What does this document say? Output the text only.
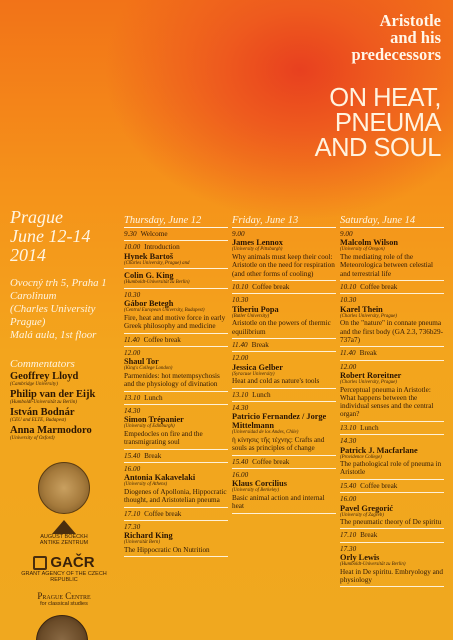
Aristotle
and his
predecessors
ON HEAT,
PNEUMA
AND SOUL
Prague
June 12-14
2014
Ovocný trh 5, Praha 1
Carolinum
(Charles University
Prague)
Malá aula, 1st floor
Commentators
Geoffrey Lloyd
(Cambridge University)
Philip van der Eijk
(Humboldt-Universität zu Berlin)
István Bodnár
(CEU and ELTE, Budapest)
Anna Marmodoro
(University of Oxford)
AUGUST BOECKH
ANTIKE ZENTRUM
GAČR
GRANT AGENCY OF THE CZECH REPUBLIC
Prague Centre
for classical studies
Thursday, June 12
9.30 Welcome
10.00 Introduction
Hynek Bartoš
(Charles University, Prague) and
Colin G. King
(Humboldt-Universität zu Berlin)
10.30
Gábor Betegh
(Central European University, Budapest)
Fire, heat and motive force in early Greek philosophy and medicine
11.40 Coffee break
12.00
Shaul Tor
(King's College London)
Parmenides: hot metempsychosis and the physiology of divination
13.10 Lunch
14.30
Simon Trépanier
(University of Edinburgh)
Empedocles on fire and the transmigrating soul
15.40 Break
16.00
Antonia Kakavelaki
(University of Athens)
Diogenes of Apollonia, Hippocratic thought, and Aristotelian pneuma
17.10 Coffee break
17.30
Richard King
(Universität Bern)
The Hippocratic On Nutrition
Friday, June 13
9.00
James Lennox
(University of Pittsburgh)
Why animals must keep their cool: Aristotle on the need for respiration (and other forms of cooling)
10.10 Coffee break
10.30
Tiberiu Popa
(Butler University)
Aristotle on the powers of thermic equilibrium
11.40 Break
12.00
Jessica Gelber
(Syracuse University)
Heat and cold as nature's tools
13.10 Lunch
14.30
Patricio Fernandez / Jorge Mittelmann
(Universidad de los Andes, Chile)
ἡ κίνησις τῆς τέχνης: Crafts and souls as principles of change
15.40 Coffee break
16.00
Klaus Corcilius
(University of Berkeley)
Basic animal action and internal heat
Saturday, June 14
9.00
Malcolm Wilson
(University of Oregon)
The mediating role of the Meteorologica between celestial and terrestrial life
10.10 Coffee break
10.30
Karel Thein
(Charles University, Prague)
On the "nature" in connate pneuma and the first body (GA 2.3, 736b29-737a7)
11.40 Break
12.00
Robert Roreitner
(Charles University, Prague)
Perceptual pneuma in Aristotle: What happens between the individual senses and the central organ?
13.10 Lunch
14.30
Patrick J. Macfarlane
(Providence College)
The pathological role of pneuma in Aristotle
15.40 Coffee break
16.00
Pavel Gregorić
(University of Zagreb)
The pneumatic theory of De spiritu
17.10 Break
17.30
Orly Lewis
(Humboldt-Universität zu Berlin)
Heat in De spiritu. Embryology and physiology
